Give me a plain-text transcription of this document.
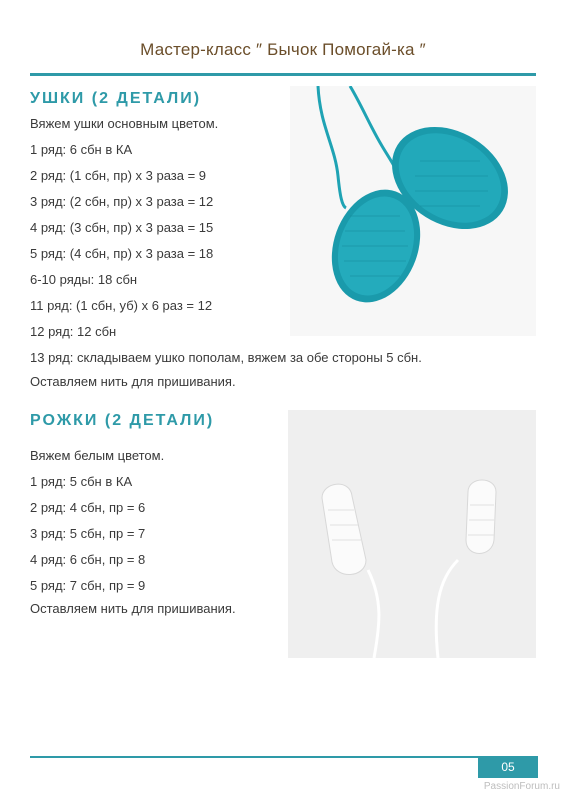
Мастер-класс ″ Бычок Помогай-ка ″
УШКИ (2 ДЕТАЛИ)
Вяжем ушки основным цветом.
1 ряд: 6 сбн в КА
2 ряд: (1 сбн, пр) х 3 раза = 9
3 ряд: (2 сбн, пр) х 3 раза = 12
4 ряд: (3 сбн, пр) х 3 раза = 15
5 ряд: (4 сбн, пр) х 3 раза = 18
6-10 ряды: 18 сбн
11 ряд: (1 сбн, уб) х 6 раз = 12
12 ряд: 12 сбн
13 ряд: складываем ушко пополам, вяжем за обе стороны 5 сбн.
Оставляем нить для пришивания.
РОЖКИ (2 ДЕТАЛИ)
Вяжем белым цветом.
1 ряд: 5 сбн в КА
2 ряд: 4 сбн, пр = 6
3 ряд: 5 сбн, пр = 7
4 ряд: 6 сбн, пр = 8
5 ряд: 7 сбн, пр = 9
Оставляем нить для пришивания.
05
PassionForum.ru
